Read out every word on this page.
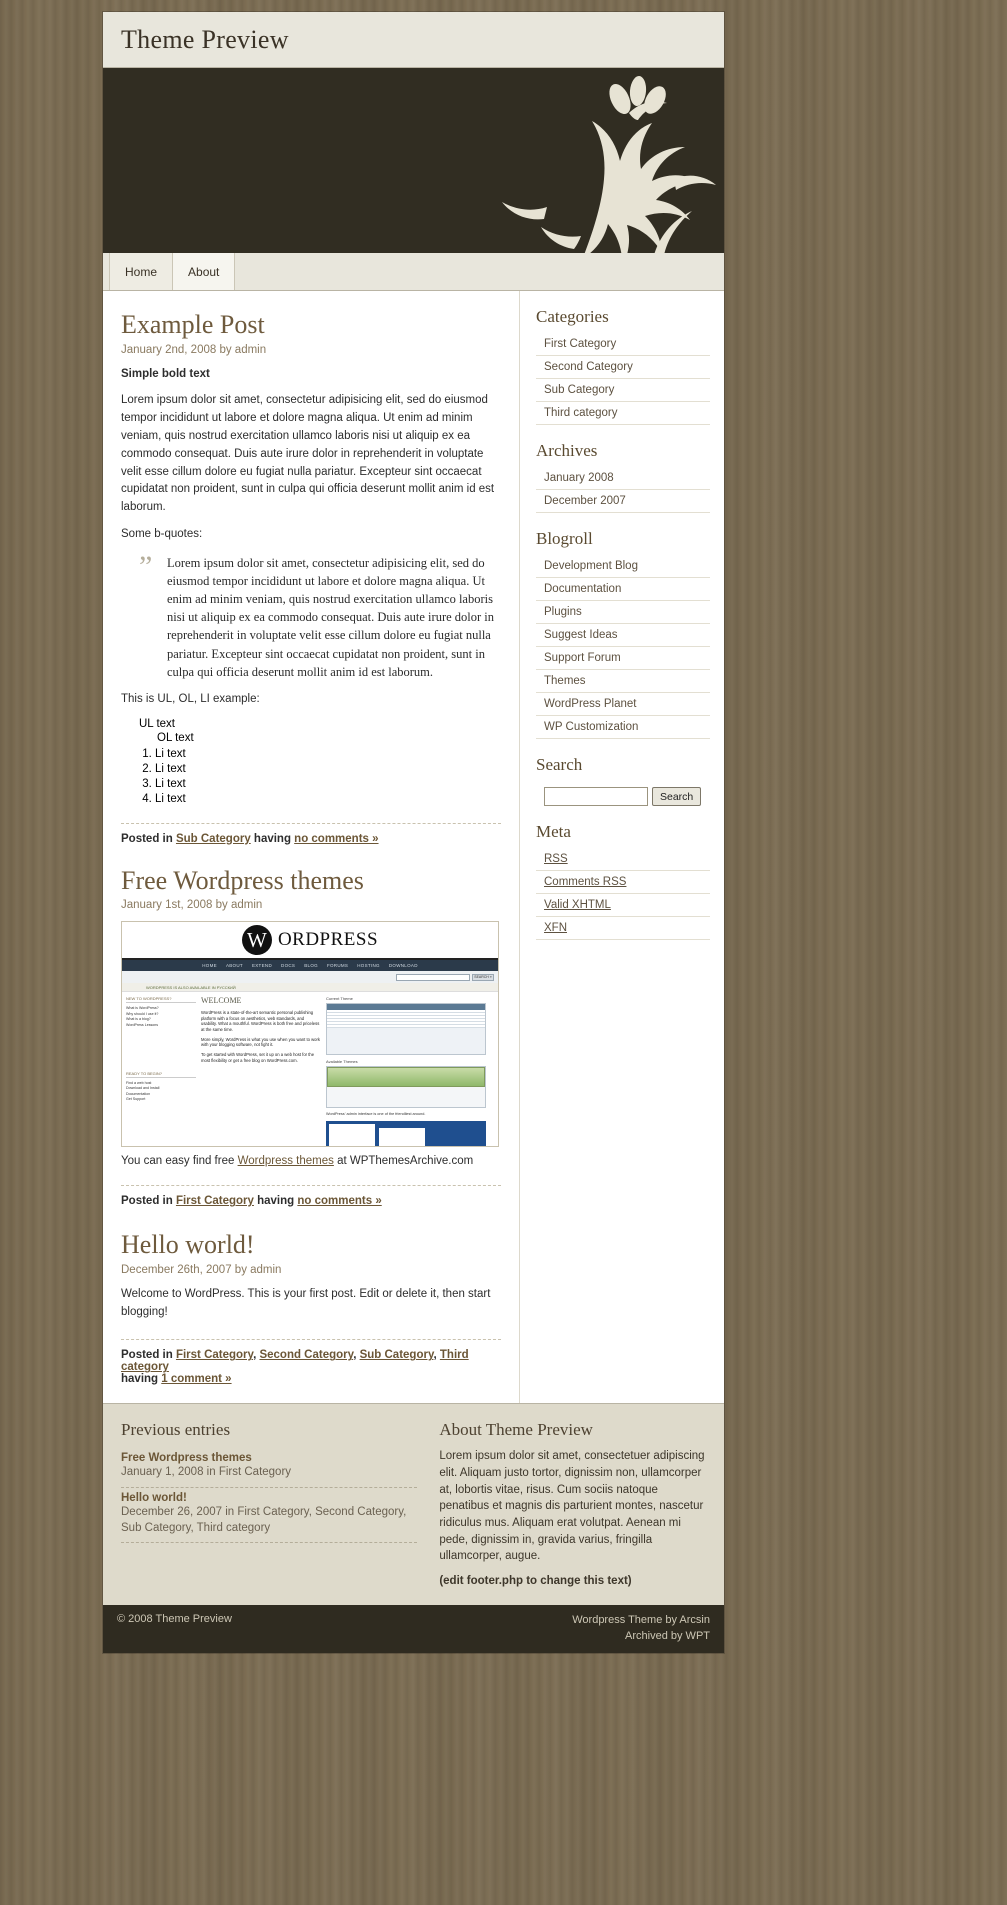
Theme Preview
Home	About
Example Post
January 2nd, 2008 by admin

Simple bold text

Lorem ipsum dolor sit amet, consectetur adipisicing elit, sed do eiusmod tempor incididunt ut labore et dolore magna aliqua. Ut enim ad minim veniam, quis nostrud exercitation ullamco laboris nisi ut aliquip ex ea commodo consequat. Duis aute irure dolor in reprehenderit in voluptate velit esse cillum dolore eu fugiat nulla pariatur. Excepteur sint occaecat cupidatat non proident, sunt in culpa qui officia deserunt mollit anim id est laborum.

Some b-quotes:

” Lorem ipsum dolor sit amet, consectetur adipisicing elit, sed do eiusmod tempor incididunt ut labore et dolore magna aliqua. Ut enim ad minim veniam, quis nostrud exercitation ullamco laboris nisi ut aliquip ex ea commodo consequat. Duis aute irure dolor in reprehenderit in voluptate velit esse cillum dolore eu fugiat nulla pariatur. Excepteur sint occaecat cupidatat non proident, sunt in culpa qui officia deserunt mollit anim id est laborum.

This is UL, OL, LI example:

UL text
OL text
1. Li text
2. Li text
3. Li text
4. Li text
Posted in Sub Category having no comments »
Free Wordpress themes
January 1st, 2008 by admin
W ORDPRESS
HOME ABOUT EXTEND DOCS BLOG FORUMS HOSTING DOWNLOAD
SEARCH »
WORDPRESS IS ALSO AVAILABLE IN РУССКИЙ
NEW TO WORDPRESS?
What is WordPress?
Why should I use it?
What is a blog?
WordPress Lessons
READY TO BEGIN?
Find a web host
Download and Install
Documentation
Get Support
WELCOME
WordPress is a state-of-the-art semantic personal publishing platform with a focus on aesthetics, web standards, and usability. What a mouthful. WordPress is both free and priceless at the same time.
More simply, WordPress is what you use when you want to work with your blogging software, not fight it.
To get started with WordPress, set it up on a web host for the most flexibility or get a free blog on WordPress.com.
Current Theme
Available Themes
WordPress' admin interface is one of the friendliest around.
You can easy find free Wordpress themes at WPThemesArchive.com
Posted in First Category having no comments »
Hello world!
December 26th, 2007 by admin

Welcome to WordPress. This is your first post. Edit or delete it, then start blogging!

Posted in First Category, Second Category, Sub Category, Third category
having 1 comment »
Categories
First Category
Second Category
Sub Category
Third category
Archives
January 2008
December 2007
Blogroll
Development Blog
Documentation
Plugins
Suggest Ideas
Support Forum
Themes
WordPress Planet
WP Customization
Search
Search
Meta
RSS
Comments RSS
Valid XHTML
XFN
Previous entries
Free Wordpress themes
January 1, 2008 in First Category
Hello world!
December 26, 2007 in First Category, Second Category, Sub Category, Third category
About Theme Preview
Lorem ipsum dolor sit amet, consectetuer adipiscing elit. Aliquam justo tortor, dignissim non, ullamcorper at, lobortis vitae, risus. Cum sociis natoque penatibus et magnis dis parturient montes, nascetur ridiculus mus. Aliquam erat volutpat. Aenean mi pede, dignissim in, gravida varius, fringilla ullamcorper, augue.
(edit footer.php to change this text)
© 2008 Theme Preview	Wordpress Theme by Arcsin
Archived by WPT
